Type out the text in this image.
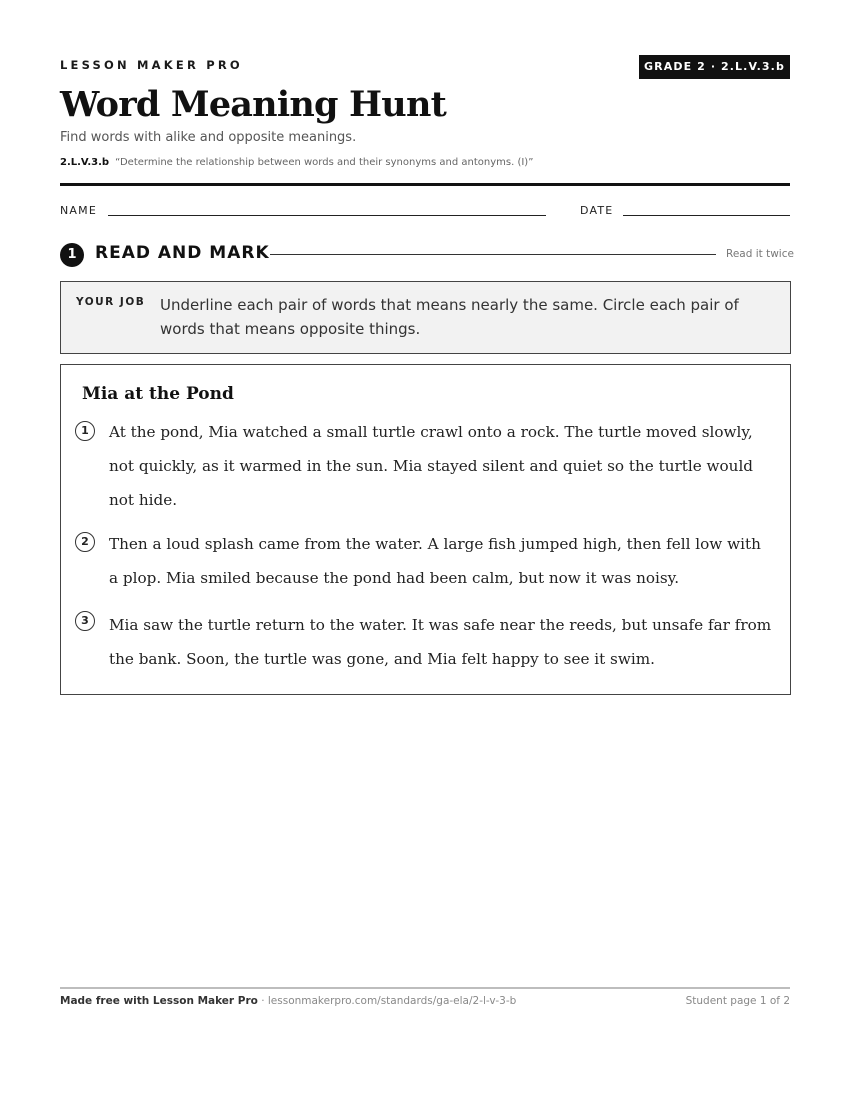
LESSON MAKER PRO	GRADE 2 · 2.L.V.3.b
Word Meaning Hunt
Find words with alike and opposite meanings.
2.L.V.3.b “Determine the relationship between words and their synonyms and antonyms. (I)”
NAME	DATE
1	READ AND MARK	Read it twice
YOUR JOB Underline each pair of words that means nearly the same. Circle each pair of words that means opposite things.
Mia at the Pond
1	At the pond, Mia watched a small turtle crawl onto a rock. The turtle moved slowly, not quickly, as it warmed in the sun. Mia stayed silent and quiet so the turtle would not hide.
2	Then a loud splash came from the water. A large fish jumped high, then fell low with a plop. Mia smiled because the pond had been calm, but now it was noisy.
3	Mia saw the turtle return to the water. It was safe near the reeds, but unsafe far from the bank. Soon, the turtle was gone, and Mia felt happy to see it swim.
Made free with Lesson Maker Pro · lessonmakerpro.com/standards/ga-ela/2-l-v-3-b	Student page 1 of 2
